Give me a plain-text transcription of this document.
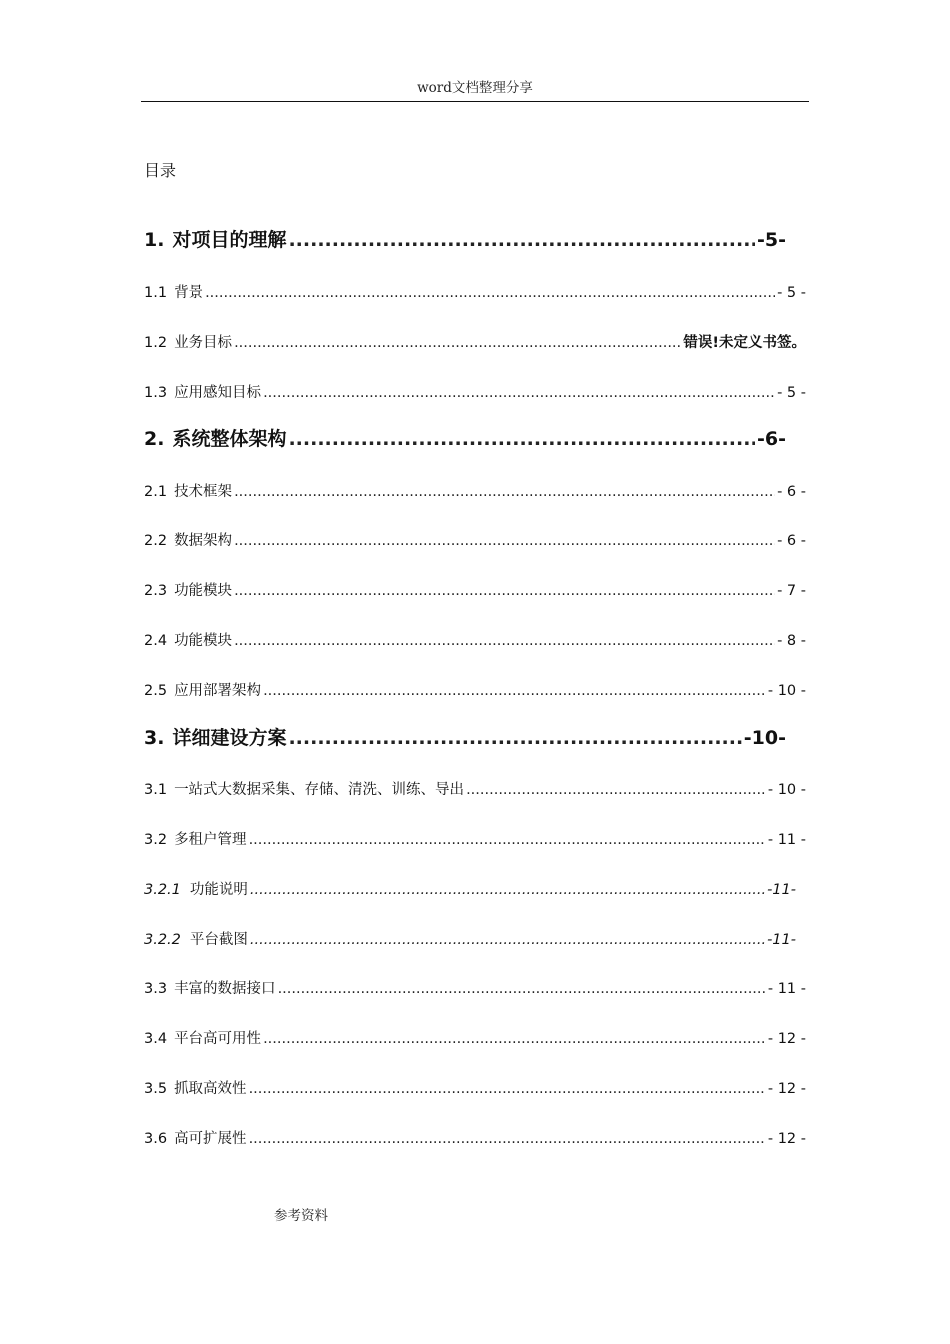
word文档整理分享
目录
1. 对项目的理解 .....	-5-
1.1 背景 .....	- 5 -
1.2 业务目标 .....	错误!未定义书签。
1.3 应用感知目标 .....	- 5 -
2. 系统整体架构 .....	-6-
2.1 技术框架 .....	- 6 -
2.2 数据架构 .....	- 6 -
2.3 功能模块 .....	- 7 -
2.4 功能模块 .....	- 8 -
2.5 应用部署架构 .....	- 10 -
3. 详细建设方案 .....	-10-
3.1 一站式大数据采集、存储、清洗、训练、导出 .....	- 10 -
3.2 多租户管理 .....	- 11 -
3.2.1 功能说明 .....	-11-
3.2.2 平台截图 .....	-11-
3.3 丰富的数据接口 .....	- 11 -
3.4 平台高可用性 .....	- 12 -
3.5 抓取高效性 .....	- 12 -
3.6 高可扩展性 .....	- 12 -
参考资料
